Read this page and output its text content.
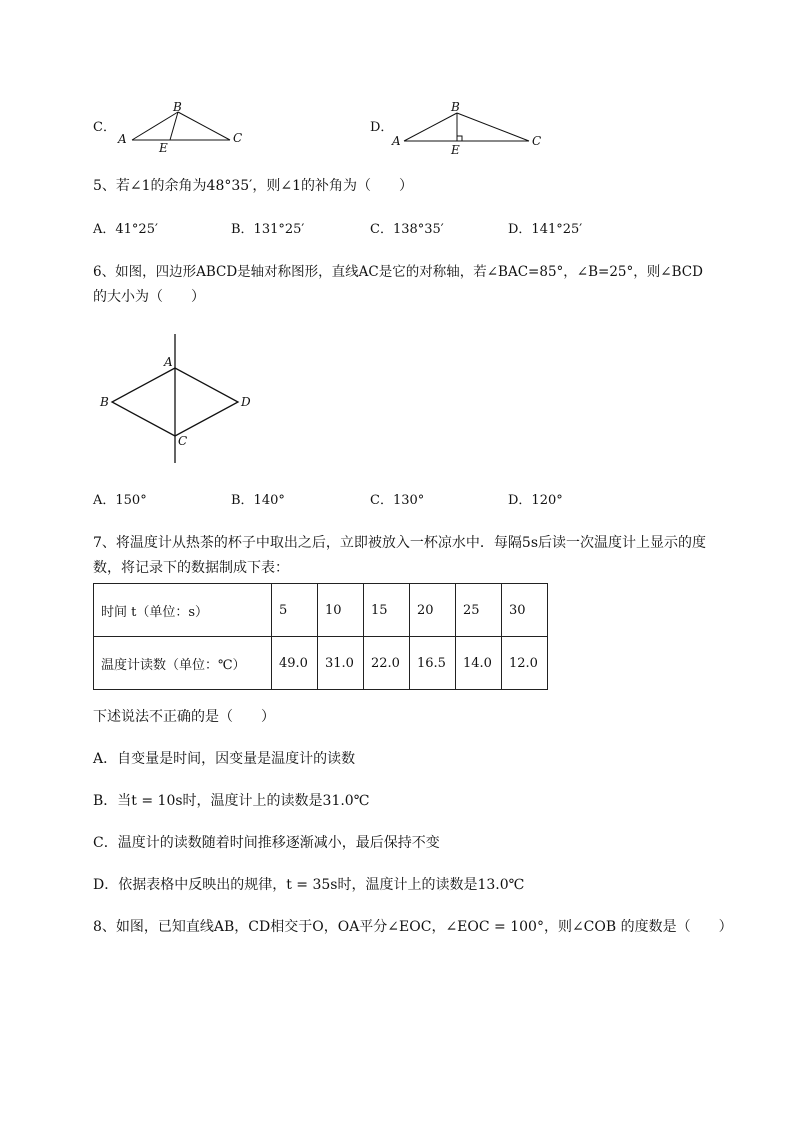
C．
A
B
C
E
D．
A
B
C
E
5、若∠1的余角为48°35′，则∠1的补角为（　　）
A．41°25′	B．131°25′	C．138°35′	D．141°25′
6、如图，四边形ABCD是轴对称图形，直线AC是它的对称轴，若∠BAC=85°，∠B=25°，则∠BCD
的大小为（　　）
A
B
C
D
A．150°	B．140°	C．130°	D．120°
7、将温度计从热茶的杯子中取出之后，立即被放入一杯凉水中．每隔5s后读一次温度计上显示的度
数，将记录下的数据制成下表：
时间 t（单位：s）	5	10	15	20	25	30
温度计读数（单位：℃）	49.0	31.0	22.0	16.5	14.0	12.0
下述说法不正确的是（　　）
A．自变量是时间，因变量是温度计的读数
B．当t = 10s时，温度计上的读数是31.0℃
C．温度计的读数随着时间推移逐渐减小，最后保持不变
D．依据表格中反映出的规律，t = 35s时，温度计上的读数是13.0℃
8、如图，已知直线AB，CD相交于O，OA平分∠EOC，∠EOC = 100°，则∠COB 的度数是（　　）
